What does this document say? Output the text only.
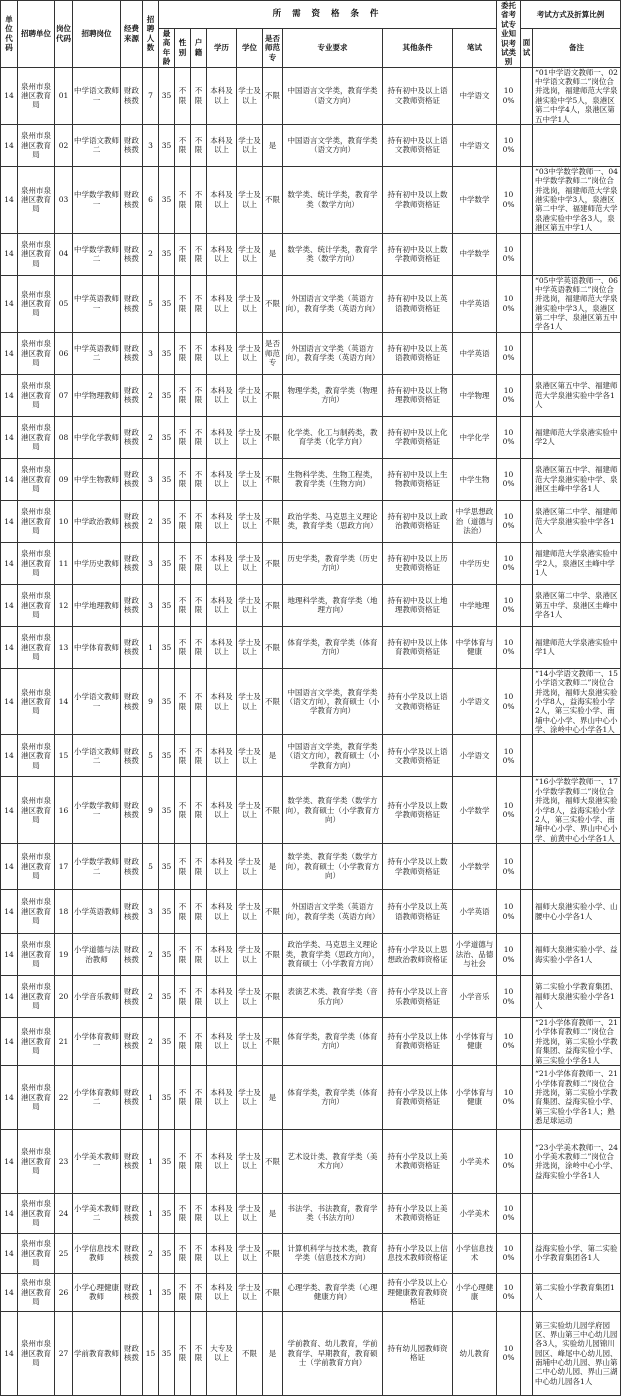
单位代码	招聘单位	岗位代码	招聘岗位	经费来源	招聘人数	所 需 资 格 条 件									委托省考试专业知识考试类别	考试方式及折算比例
						最高年龄	性别	户籍	学历	学位	是否师范专	专业要求	其他条件	笔试		面试	备注
14	泉州市泉港区教育局	01	中学语文教师一	财政核拨	7	35	不限	不限	本科及以上	学士及以上	不限	中国语言文学类，教育学类（语文方向）	持有初中及以上语文教师资格证	中学语文	100%		“01中学语文教师一、02中学语文教师二”岗位合并选岗，福建师范大学泉港实验中学5人，泉港区第二中学4人，泉港区第五中学1人
14	泉州市泉港区教育局	02	中学语文教师二	财政核拨	3	35	不限	不限	本科及以上	学士及以上	是	中国语言文学类，教育学类（语文方向）	持有初中及以上语文教师资格证	中学语文	100%		
14	泉州市泉港区教育局	03	中学数学教师一	财政核拨	6	35	不限	不限	本科及以上	学士及以上	不限	数学类、统计学类，教育学类（数学方向）	持有初中及以上数学教师资格证	中学数学	100%		“03中学数学教师一、04中学数学教师二”岗位合并选岗，福建师范大学泉港实验中学3人，泉港区第二中学、福建师范大学泉港实验中学各3人，泉港区第五中学1人
14	泉州市泉港区教育局	04	中学数学教师二	财政核拨	2	35	不限	不限	本科及以上	学士及以上	是	数学类、统计学类，教育学类（数学方向）	持有初中及以上数学教师资格证	中学数学	100%		
14	泉州市泉港区教育局	05	中学英语教师一	财政核拨	5	35	不限	不限	本科及以上	学士及以上	不限	外国语言文学类（英语方向），教育学类（英语方向）	持有初中及以上英语教师资格证	中学英语	100%		“05中学英语教师一、06中学英语教师二”岗位合并选岗，福建师范大学泉港实验中学3人，泉港区第二中学、泉港区第五中学各1人
14	泉州市泉港区教育局	06	中学英语教师二	财政核拨	3	35	不限	不限	本科及以上	学士及以上	是否师范专	外国语言文学类（英语方向），教育学类（英语方向）	持有初中及以上英语教师资格证	中学英语	100%		
14	泉州市泉港区教育局	07	中学物理教师	财政核拨	2	35	不限	不限	本科及以上	学士及以上	不限	物理学类，教育学类（物理方向）	持有初中及以上物理教师资格证	中学物理	100%		泉港区第五中学、福建师范大学泉港实验中学各1人
14	泉州市泉港区教育局	08	中学化学教师	财政核拨	2	35	不限	不限	本科及以上	学士及以上	不限	化学类、化工与制药类，教育学类（化学方向）	持有初中及以上化学教师资格证	中学化学	100%		福建师范大学泉港实验中学2人
14	泉州市泉港区教育局	09	中学生物教师	财政核拨	3	35	不限	不限	本科及以上	学士及以上	不限	生物科学类、生物工程类，教育学类（生物方向）	持有初中及以上生物教师资格证	中学生物	100%		泉港区第五中学、福建师范大学泉港实验中学、泉港区圭峰中学各1人
14	泉州市泉港区教育局	10	中学政治教师	财政核拨	2	35	不限	不限	本科及以上	学士及以上	不限	政治学类、马克思主义理论类，教育学类（思政方向）	持有初中及以上政治教师资格证	中学思想政治（道德与法治）	100%		泉港区第二中学、福建师范大学泉港实验中学各1人
14	泉州市泉港区教育局	11	中学历史教师	财政核拨	3	35	不限	不限	本科及以上	学士及以上	不限	历史学类，教育学类（历史方向）	持有初中及以上历史教师资格证	中学历史	100%		福建师范大学泉港实验中学2人，泉港区圭峰中学1人
14	泉州市泉港区教育局	12	中学地理教师	财政核拨	3	35	不限	不限	本科及以上	学士及以上	不限	地理科学类，教育学类（地理方向）	持有初中及以上地理教师资格证	中学地理	100%		泉港区第二中学、泉港区第五中学、泉港区圭峰中学各1人
14	泉州市泉港区教育局	13	中学体育教师	财政核拨	1	35	不限	不限	本科及以上	学士及以上	不限	体育学类，教育学类（体育方向）	持有初中及以上体育教师资格证	中学体育与健康	100%		福建师范大学泉港实验中学1人
14	泉州市泉港区教育局	14	小学语文教师一	财政核拨	9	35	不限	不限	本科及以上	学士及以上	不限	中国语言文学类，教育学类（语文方向），教育硕士（小学教育方向）	持有小学及以上语文教师资格证	小学语文	100%		“14小学语文教师一、15小学语文教师二”岗位合并选岗，福师大泉港实验小学8人，益海实验小学2人，第三实验小学、南埔中心小学、界山中心小学、涂岭中心小学各1人
14	泉州市泉港区教育局	15	小学语文教师二	财政核拨	5	35	不限	不限	本科及以上	学士及以上	是	中国语言文学类，教育学类（语文方向），教育硕士（小学教育方向）	持有小学及以上语文教师资格证	小学语文	100%		
14	泉州市泉港区教育局	16	小学数学教师一	财政核拨	9	35	不限	不限	本科及以上	学士及以上	不限	数学类、教育学类（数学方向），教育硕士（小学教育方向）	持有小学及以上数学教师资格证	小学数学	100%		“16小学数学教师一、17小学数学教师二”岗位合并选岗，福师大泉港实验小学8人，益海实验小学2人，第三实验小学、南埔中心小学、界山中心小学、前黄中心小学各1人
14	泉州市泉港区教育局	17	小学数学教师二	财政核拨	5	35	不限	不限	本科及以上	学士及以上	是	数学类、教育学类（数学方向），教育硕士（小学教育方向）	持有小学及以上数学教师资格证	小学数学	100%		
14	泉州市泉港区教育局	18	小学英语教师	财政核拨	3	35	不限	不限	本科及以上	学士及以上	不限	外国语言文学类（英语方向），教育学类（英语方向）	持有小学及以上英语教师资格证	小学英语	100%		福师大泉港实验小学、山腰中心小学各1人
14	泉州市泉港区教育局	19	小学道德与法治教师	财政核拨	2	35	不限	不限	本科及以上	学士及以上	不限	政治学类、马克思主义理论类，教育学类（思政方向），教育硕士（小学教育方向）	持有小学及以上思想政治教师资格证	小学道德与法治、品德与社会	100%		福师大泉港实验小学、益海实验小学各1人
14	泉州市泉港区教育局	20	小学音乐教师	财政核拨	2	35	不限	不限	本科及以上	学士及以上	不限	表演艺术类、教育学类（音乐方向）	持有小学及以上音乐教师资格证	小学音乐	100%		第二实验小学教育集团、福师大泉港实验小学各1人
14	泉州市泉港区教育局	21	小学体育教师一	财政核拨	2	35	不限	不限	本科及以上	学士及以上	不限	体育学类，教育学类（体育方向）	持有小学及以上体育教师资格证	小学体育与健康	100%		“21小学体育教师一、21小学体育教师二”岗位合并选岗，第二实验小学教育集团、益海实验小学、第三实验小学各1人
14	泉州市泉港区教育局	22	小学体育教师二	财政核拨	1	35	不限	不限	本科及以上	学士及以上	是	体育学类，教育学类（体育方向）	持有小学及以上体育教师资格证	小学体育与健康	100%		“21小学体育教师一、21小学体育教师二”岗位合并选岗，第二实验小学教育集团、益海实验小学、第三实验小学各1人；熟悉足球运动
14	泉州市泉港区教育局	23	小学美术教师一	财政核拨	1	35	不限	不限	本科及以上	学士及以上	不限	艺术设计类、教育学类（美术方向）	持有小学及以上美术教师资格证	小学美术	100%		“23小学美术教师一、24小学美术教师二”岗位合并选岗，涂岭中心小学、益海实验小学各1人
14	泉州市泉港区教育局	24	小学美术教师二	财政核拨	1	35	不限	不限	本科及以上	学士及以上	是	书法学、书法教育，教育学类（书法方向）	持有小学及以上美术教师资格证	小学美术	100%		
14	泉州市泉港区教育局	25	小学信息技术教师	财政核拨	2	35	不限	不限	本科及以上	学士及以上	不限	计算机科学与技术类，教育学类（信息技术方向）	持有小学及以上信息技术教师资格证	小学信息技术	100%		益海实验小学、第二实验小学教育集团各1人
14	泉州市泉港区教育局	26	小学心理健康教师	财政核拨	1	35	不限	不限	本科及以上	学士及以上	不限	心理学类、教育学类（心理健康方向）	持有小学及以上心理健康教育教师资格证	小学心理健康	100%		第二实验小学教育集团1人
14	泉州市泉港区教育局	27	学前教育教师	财政核拨	15	35	不限	不限	大专及以上	不限	是	学前教育、幼儿教育，学前教育学、早期教育，教育硕士（学前教育方向）	持有幼儿园教师资格证	幼儿教育	100%		第三实验幼儿园学府园区、界山第三中心幼儿园各3人，实验幼儿园锦川园区、峰尾中心幼儿园、南埔中心幼儿园、界山第二中心幼儿园、界山三湖中心幼儿园各1人
